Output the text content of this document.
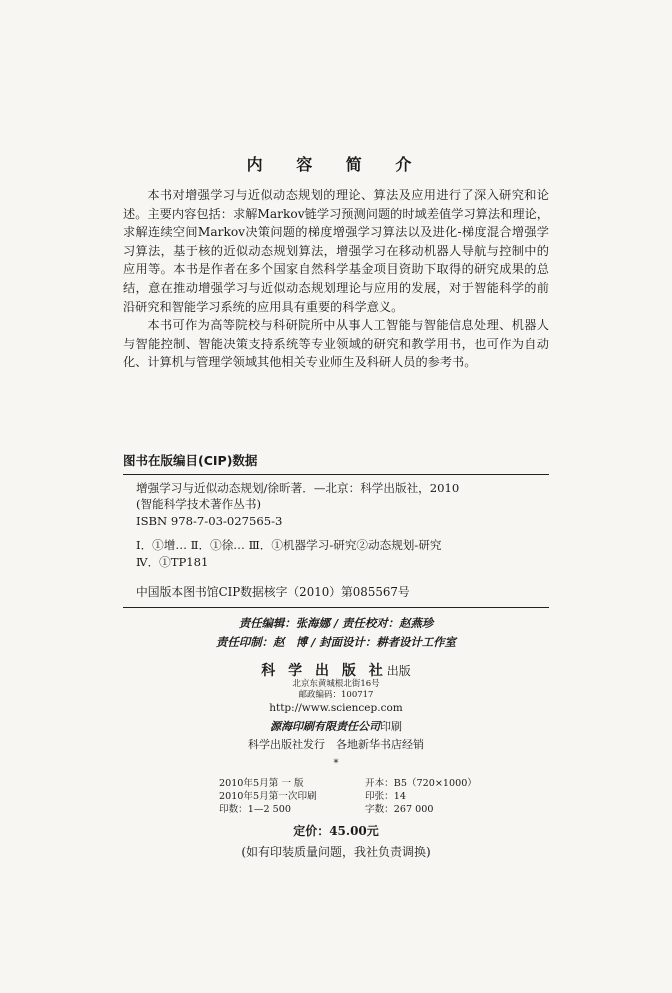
内 容 简 介

本书对增强学习与近似动态规划的理论、算法及应用进行了深入研究和论述。主要内容包括：求解Markov链学习预测问题的时域差值学习算法和理论，求解连续空间Markov决策问题的梯度增强学习算法以及进化-梯度混合增强学习算法，基于核的近似动态规划算法，增强学习在移动机器人导航与控制中的应用等。本书是作者在多个国家自然科学基金项目资助下取得的研究成果的总结，意在推动增强学习与近似动态规划理论与应用的发展，对于智能科学的前沿研究和智能学习系统的应用具有重要的科学意义。

本书可作为高等院校与科研院所中从事人工智能与智能信息处理、机器人与智能控制、智能决策支持系统等专业领域的研究和教学用书，也可作为自动化、计算机与管理学领域其他相关专业师生及科研人员的参考书。

图书在版编目(CIP)数据
增强学习与近似动态规划/徐昕著．—北京：科学出版社，2010
(智能科学技术著作丛书)
ISBN 978-7-03-027565-3
Ⅰ．①增… Ⅱ．①徐… Ⅲ．①机器学习-研究②动态规划-研究
Ⅳ．①TP181
中国版本图书馆CIP数据核字（2010）第085567号
责任编辑：张海娜 / 责任校对：赵燕珍
责任印制：赵　博 / 封面设计：耕者设计工作室
科 学 出 版 社出版
北京东黄城根北街16号
邮政编码：100717
http://www.sciencep.com
源海印刷有限责任公司印刷
科学出版社发行　各地新华书店经销
*
2010年5月第 一 版	开本：B5（720×1000）
2010年5月第一次印刷	印张：14
印数：1—2 500	字数：267 000
定价：45.00元
(如有印装质量问题，我社负责调换)
